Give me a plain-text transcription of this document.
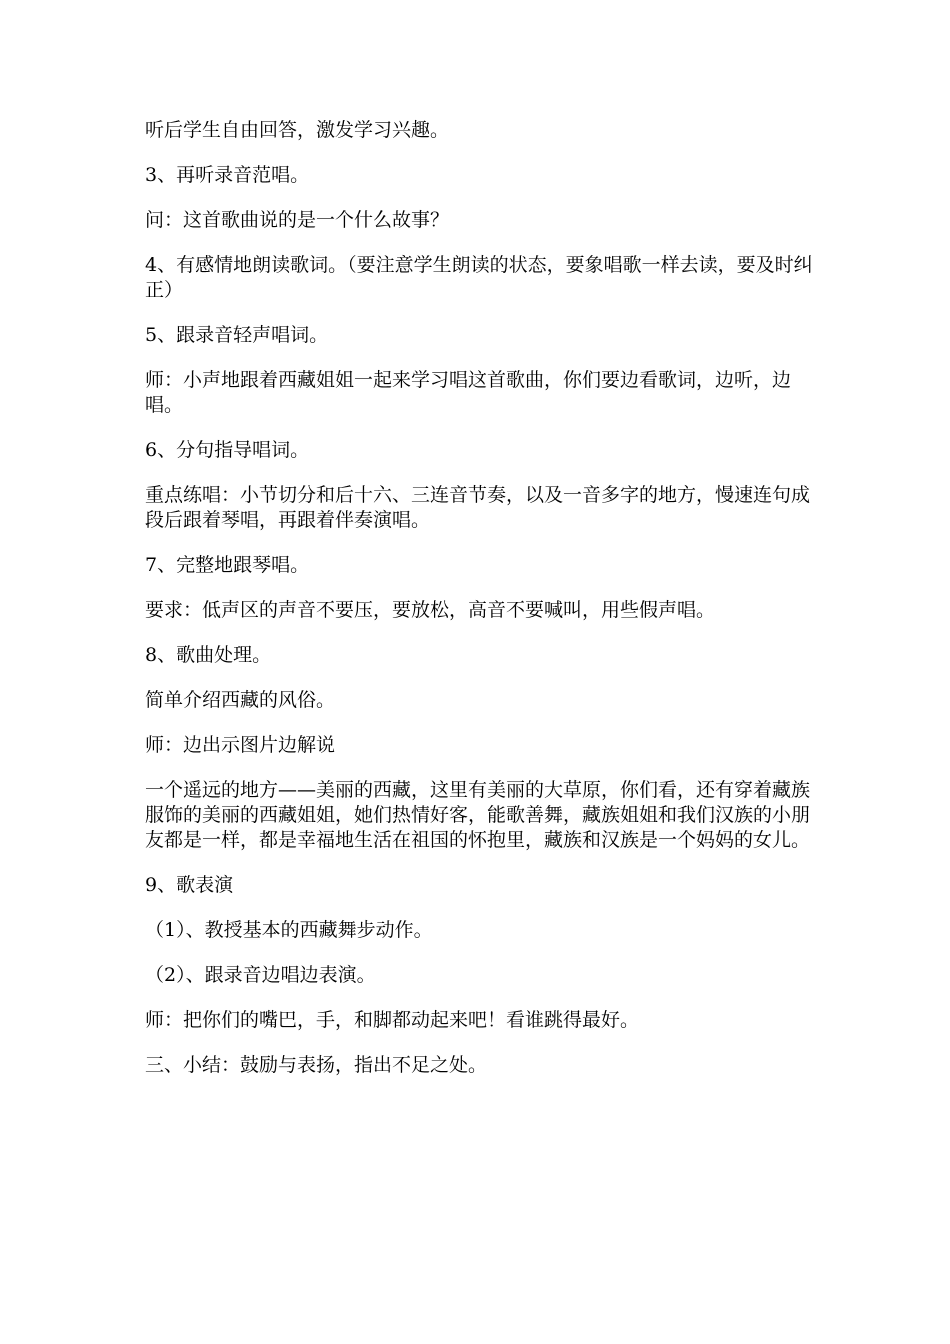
听后学生自由回答，激发学习兴趣。

3、再听录音范唱。

问：这首歌曲说的是一个什么故事？

4、有感情地朗读歌词。（要注意学生朗读的状态，要象唱歌一样去读，要及时纠正）

5、跟录音轻声唱词。

师：小声地跟着西藏姐姐一起来学习唱这首歌曲，你们要边看歌词，边听，边唱。

6、分句指导唱词。

重点练唱：小节切分和后十六、三连音节奏，以及一音多字的地方，慢速连句成段后跟着琴唱，再跟着伴奏演唱。

7、完整地跟琴唱。

要求：低声区的声音不要压，要放松，高音不要喊叫，用些假声唱。

8、歌曲处理。

简单介绍西藏的风俗。

师：边出示图片边解说

一个遥远的地方——美丽的西藏，这里有美丽的大草原，你们看，还有穿着藏族服饰的美丽的西藏姐姐，她们热情好客，能歌善舞，藏族姐姐和我们汉族的小朋友都是一样，都是幸福地生活在祖国的怀抱里，藏族和汉族是一个妈妈的女儿。

9、歌表演

（1）、教授基本的西藏舞步动作。

（2）、跟录音边唱边表演。

师：把你们的嘴巴，手，和脚都动起来吧！看谁跳得最好。

三、小结：鼓励与表扬，指出不足之处。
